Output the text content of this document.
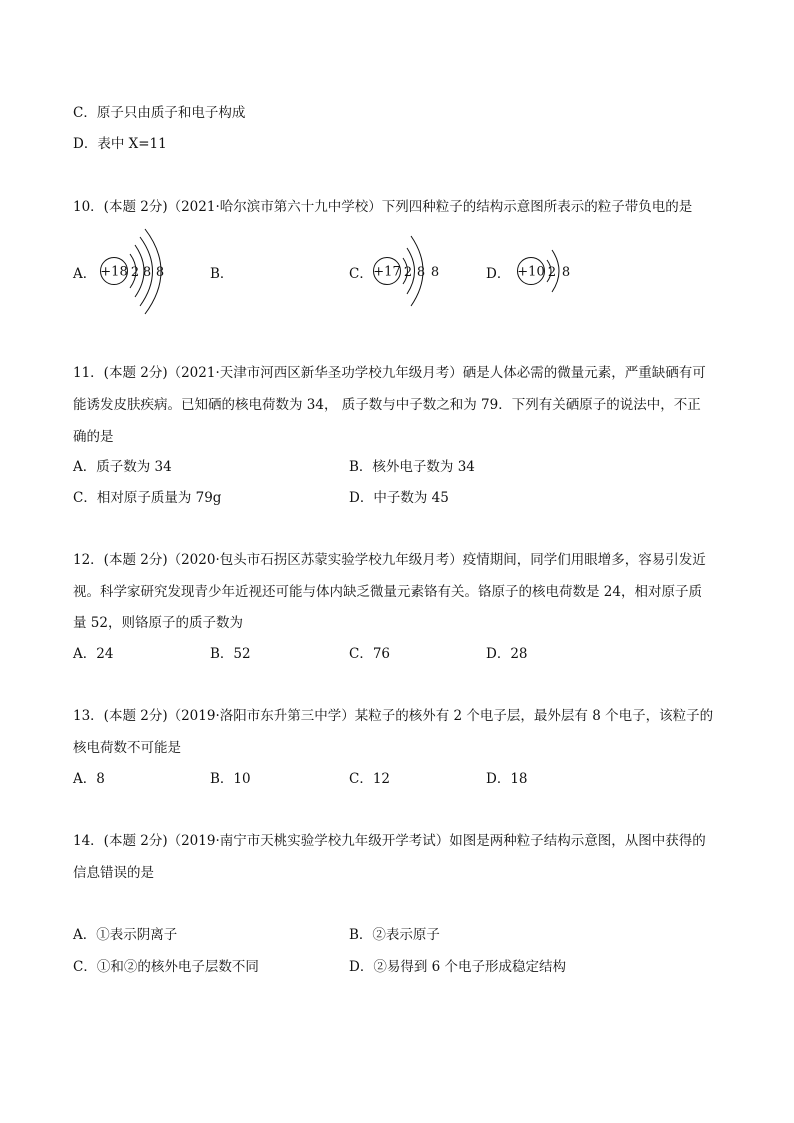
C．原子只由质子和电子构成
D．表中 X=11
10．(本题 2分)（2021·哈尔滨市第六十九中学校）下列四种粒子的结构示意图所表示的粒子带负电的是
A． +18 2 8 8	B．	C． +17 2 8 8	D． +10 2 8
11．(本题 2分)（2021·天津市河西区新华圣功学校九年级月考）硒是人体必需的微量元素，严重缺硒有可
能诱发皮肤疾病。已知硒的核电荷数为 34， 质子数与中子数之和为 79．下列有关硒原子的说法中，不正
确的是
A．质子数为 34	B．核外电子数为 34
C．相对原子质量为 79g	D．中子数为 45
12．(本题 2分)（2020·包头市石拐区苏蒙实验学校九年级月考）疫情期间，同学们用眼增多，容易引发近
视。科学家研究发现青少年近视还可能与体内缺乏微量元素铬有关。铬原子的核电荷数是 24，相对原子质
量 52，则铬原子的质子数为
A．24	B．52	C．76	D．28
13．(本题 2分)（2019·洛阳市东升第三中学）某粒子的核外有 2 个电子层，最外层有 8 个电子，该粒子的
核电荷数不可能是
A．8	B．10	C．12	D．18
14．(本题 2分)（2019·南宁市天桃实验学校九年级开学考试）如图是两种粒子结构示意图，从图中获得的
信息错误的是
A．①表示阴离子	B．②表示原子
C．①和②的核外电子层数不同	D．②易得到 6 个电子形成稳定结构
